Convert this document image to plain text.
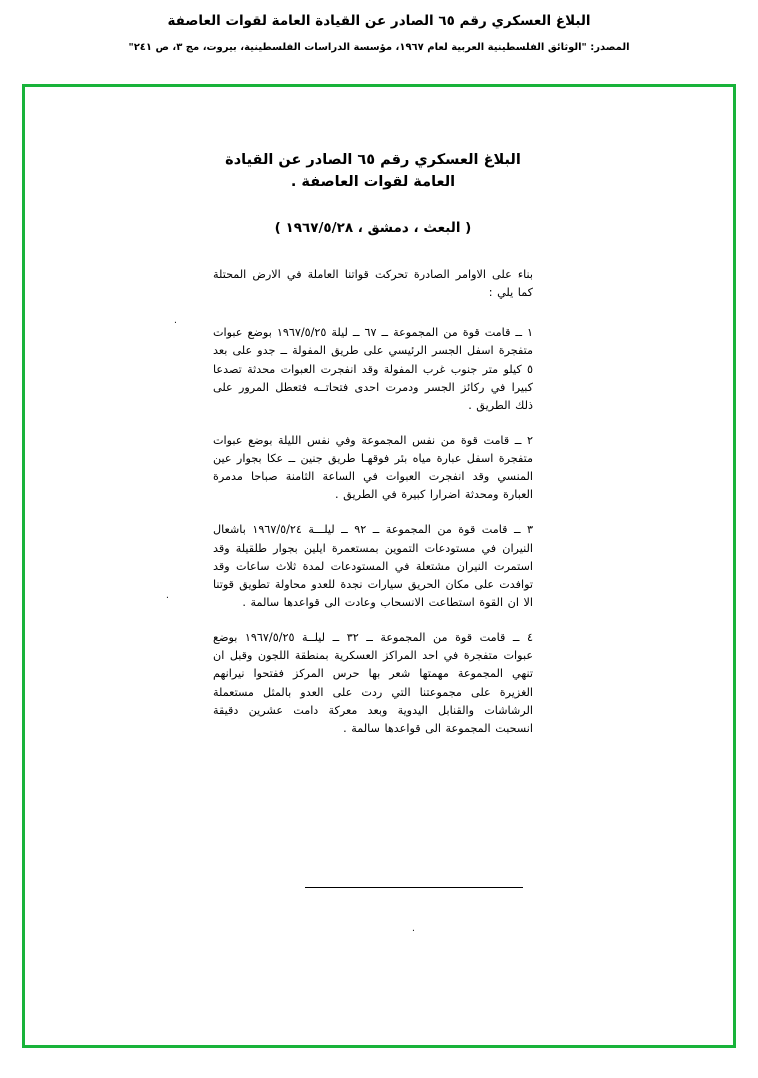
البلاغ العسكري رقم ٦٥ الصادر عن القيادة العامة لقوات العاصفة
المصدر: "الوثائق الفلسطينية العربية لعام ١٩٦٧، مؤسسة الدراسات الفلسطينية، بيروت، مج ٣، ص ٢٤١"
البلاغ العسكري رقم ٦٥ الصادر عن القيادة العامة لقوات العاصفة .
( البعث ، دمشق ، ١٩٦٧/٥/٢٨ )
بناء على الاوامر الصادرة تحركت قواتنا العاملة في الارض المحتلة كما يلي :
١ ــ قامت قوة من المجموعة ــ ٦٧ ــ ليلة ١٩٦٧/٥/٢٥ بوضع عبوات متفجرة اسفل الجسر الرئيسي على طريق المفولة ــ جدو على بعد ٥ كيلو متر جنوب غرب المفولة وقد انفجرت العبوات محدثة تصدعا كبيرا في ركائز الجسر ودمرت احدى فتحاتــه فتعطل المرور على ذلك الطريق .
٢ ــ قامت قوة من نفس المجموعة وفي نفس الليلة بوضع عبوات متفجرة اسفل عبارة مياه بئر فوقهـا طريق جنين ــ عكا بجوار عين المنسي وقد انفجرت العبوات في الساعة الثامنة صباحا مدمرة العبارة ومحدثة اضرارا كبيرة في الطريق .
٣ ــ قامت قوة من المجموعة ــ ٩٢ ــ ليلـــة ١٩٦٧/٥/٢٤ باشعال النيران في مستودعات التموين بمستعمرة ايلين بجوار طلقيلة وقد استمرت النيران مشتعلة في المستودعات لمدة ثلاث ساعات وقد توافدت على مكان الحريق سيارات نجدة للعدو محاولة تطويق قوتنا الا ان القوة استطاعت الانسحاب وعادت الى قواعدها سالمة .
٤ ــ قامت قوة من المجموعة ــ ٣٢ ــ ليلــة ١٩٦٧/٥/٢٥ بوضع عبوات متفجرة في احد المراكز العسكرية بمنطقة اللجون وقبل ان تنهي المجموعة مهمتها شعر بها حرس المركز ففتحوا نيرانهم الغزيرة على مجموعتنا التي ردت على العدو بالمثل مستعملة الرشاشات والقنابل اليدوية وبعد معركة دامت عشرين دقيقة انسحبت المجموعة الى قواعدها سالمة .
.
.
.
